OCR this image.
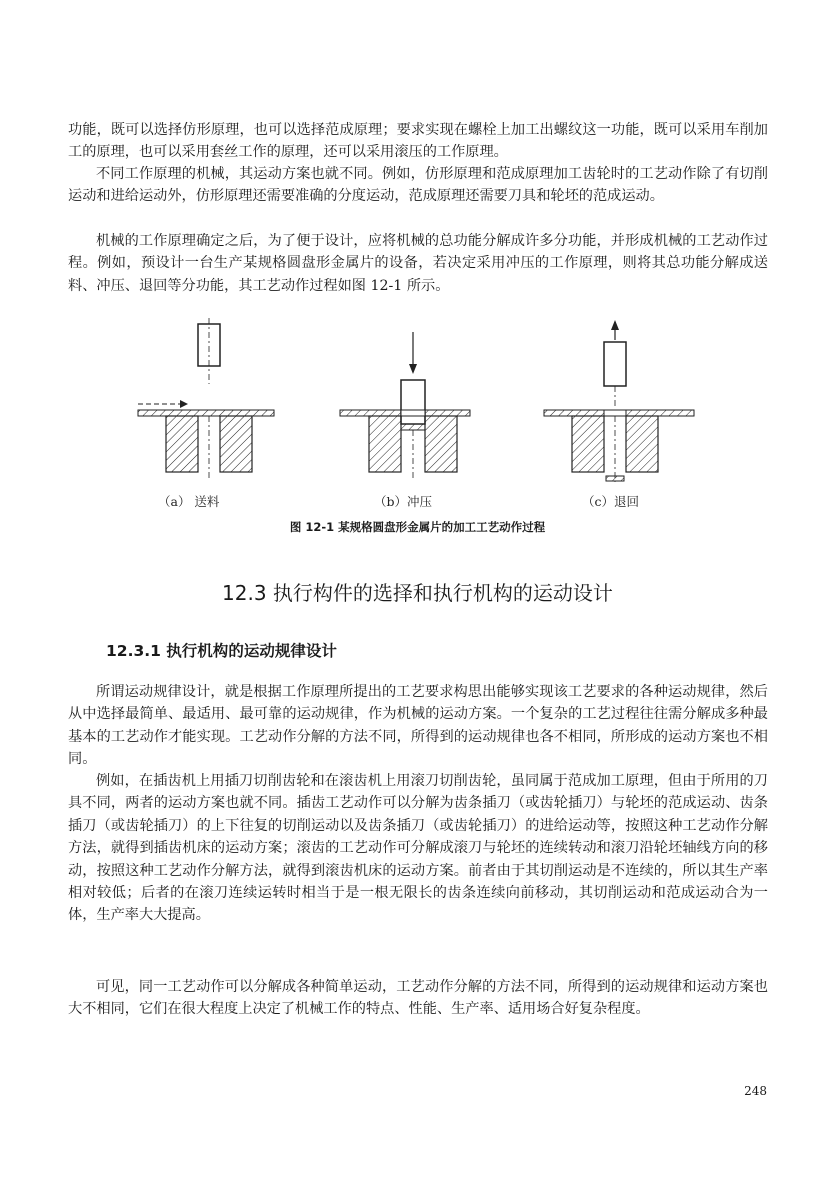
功能，既可以选择仿形原理，也可以选择范成原理；要求实现在螺栓上加工出螺纹这一功能，既可以采用车削加工的原理，也可以采用套丝工作的原理，还可以采用滚压的工作原理。

不同工作原理的机械，其运动方案也就不同。例如，仿形原理和范成原理加工齿轮时的工艺动作除了有切削运动和进给运动外，仿形原理还需要准确的分度运动，范成原理还需要刀具和轮坯的范成运动。

机械的工作原理确定之后，为了便于设计，应将机械的总功能分解成许多分功能，并形成机械的工艺动作过程。例如，预设计一台生产某规格圆盘形金属片的设备，若决定采用冲压的工作原理，则将其总功能分解成送料、冲压、退回等分功能，其工艺动作过程如图 12-1 所示。

（a） 送料	（b）冲压	（c）退回
图 12-1 某规格圆盘形金属片的加工工艺动作过程
12.3 执行构件的选择和执行机构的运动设计
12.3.1 执行机构的运动规律设计

所谓运动规律设计，就是根据工作原理所提出的工艺要求构思出能够实现该工艺要求的各种运动规律，然后从中选择最简单、最适用、最可靠的运动规律，作为机械的运动方案。一个复杂的工艺过程往往需分解成多种最基本的工艺动作才能实现。工艺动作分解的方法不同，所得到的运动规律也各不相同，所形成的运动方案也不相同。

例如，在插齿机上用插刀切削齿轮和在滚齿机上用滚刀切削齿轮，虽同属于范成加工原理，但由于所用的刀具不同，两者的运动方案也就不同。插齿工艺动作可以分解为齿条插刀（或齿轮插刀）与轮坯的范成运动、齿条插刀（或齿轮插刀）的上下往复的切削运动以及齿条插刀（或齿轮插刀）的进给运动等，按照这种工艺动作分解方法，就得到插齿机床的运动方案；滚齿的工艺动作可分解成滚刀与轮坯的连续转动和滚刀沿轮坯轴线方向的移动，按照这种工艺动作分解方法，就得到滚齿机床的运动方案。前者由于其切削运动是不连续的，所以其生产率相对较低；后者的在滚刀连续运转时相当于是一根无限长的齿条连续向前移动，其切削运动和范成运动合为一体，生产率大大提高。

可见，同一工艺动作可以分解成各种简单运动，工艺动作分解的方法不同，所得到的运动规律和运动方案也大不相同，它们在很大程度上决定了机械工作的特点、性能、生产率、适用场合好复杂程度。

248
